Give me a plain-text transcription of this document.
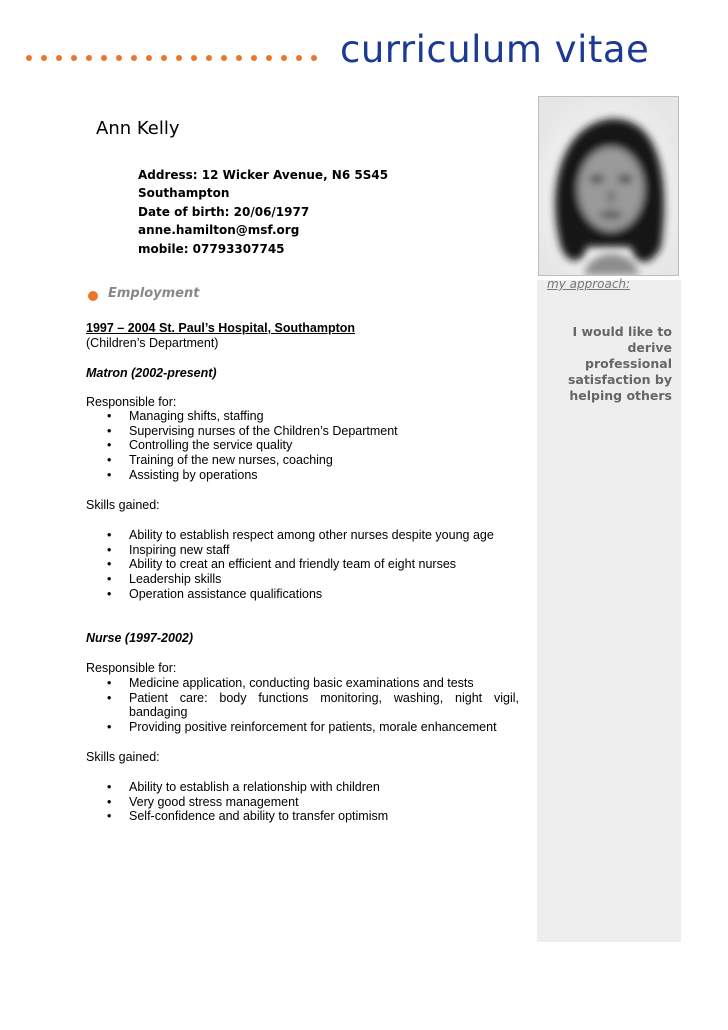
curriculum vitae
Ann Kelly
Address: 12 Wicker Avenue, N6 5S45
Southampton
Date of birth: 20/06/1977
anne.hamilton@msf.org
mobile: 07793307745
my approach:
I would like to derive professional satisfaction by helping others
Employment
1997 – 2004 St. Paul’s Hospital, Southampton
(Children’s Department)
Matron (2002-present)
Responsible for:
• Managing shifts, staffing
• Supervising nurses of the Children’s Department
• Controlling the service quality
• Training of the new nurses, coaching
• Assisting by operations
Skills gained:
• Ability to establish respect among other nurses despite young age
• Inspiring new staff
• Ability to creat an efficient and friendly team of eight nurses
• Leadership skills
• Operation assistance qualifications
Nurse (1997-2002)
Responsible for:
• Medicine application, conducting basic examinations and tests
• Patient care: body functions monitoring, washing, night vigil, bandaging
• Providing positive reinforcement for patients, morale enhancement
Skills gained:
• Ability to establish a relationship with children
• Very good stress management
• Self-confidence and ability to transfer optimism
